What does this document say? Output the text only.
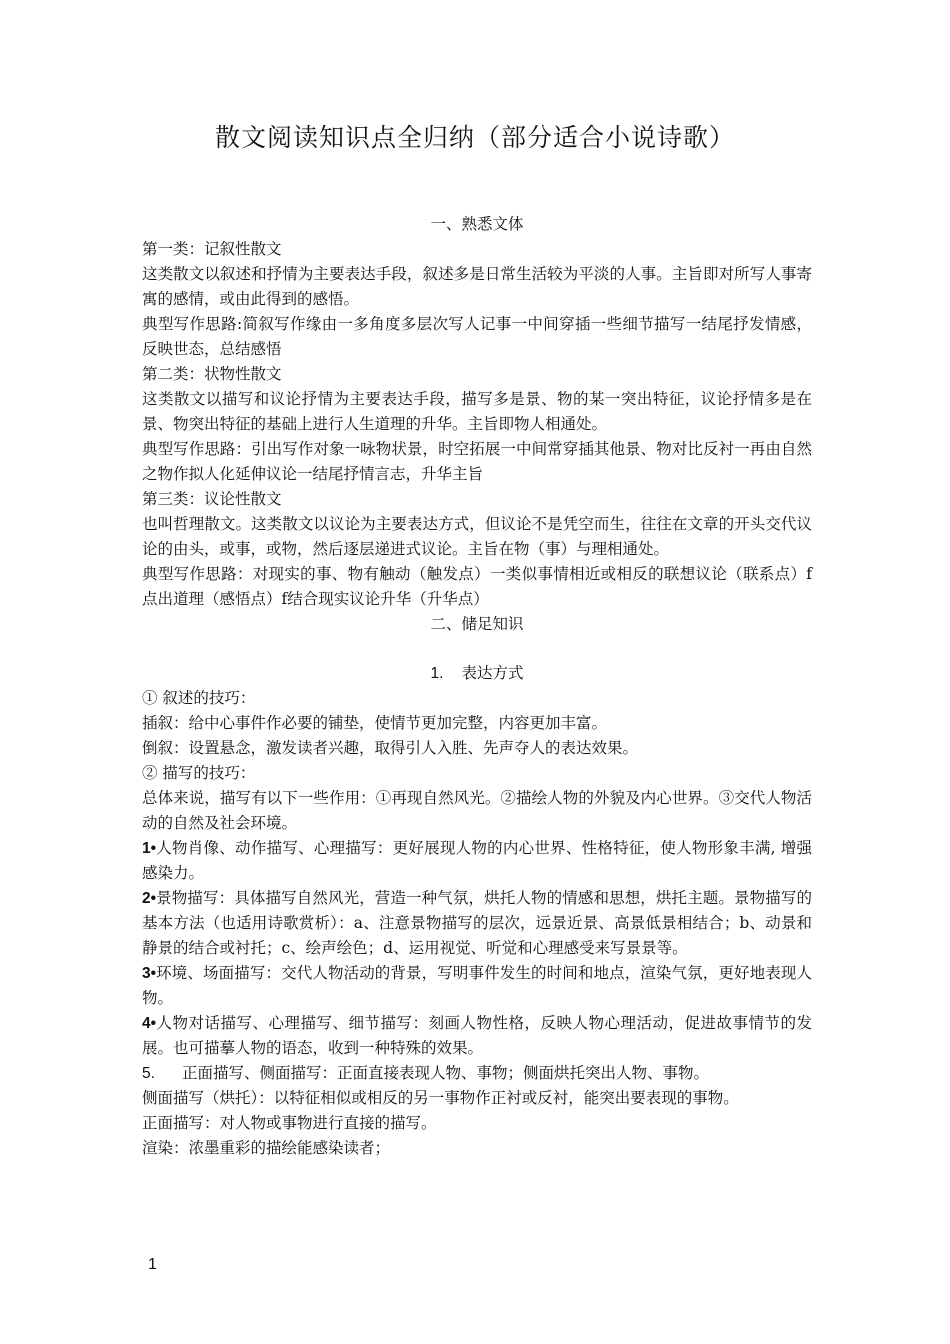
散文阅读知识点全归纳（部分适合小说诗歌）

一、熟悉文体

第一类：记叙性散文

这类散文以叙述和抒情为主要表达手段，叙述多是日常生活较为平淡的人事。主旨即对所写人事寄寓的感情，或由此得到的感悟。

典型写作思路:简叙写作缘由一多角度多层次写人记事一中间穿插一些细节描写一结尾抒发情感，反映世态，总结感悟

第二类：状物性散文

这类散文以描写和议论抒情为主要表达手段，描写多是景、物的某一突出特征，议论抒情多是在景、物突出特征的基础上进行人生道理的升华。主旨即物人相通处。

典型写作思路：引出写作对象一咏物状景，时空拓展一中间常穿插其他景、物对比反衬一再由自然之物作拟人化延伸议论一结尾抒情言志，升华主旨

第三类：议论性散文

也叫哲理散文。这类散文以议论为主要表达方式，但议论不是凭空而生，往往在文章的开头交代议论的由头，或事，或物，然后逐层递进式议论。主旨在物（事）与理相通处。

典型写作思路：对现实的事、物有触动（触发点）一类似事情相近或相反的联想议论（联系点）f点出道理（感悟点）f结合现实议论升华（升华点）

二、储足知识

1. 表达方式

① 叙述的技巧：

插叙：给中心事件作必要的铺垫，使情节更加完整，内容更加丰富。

倒叙：设置悬念，激发读者兴趣，取得引人入胜、先声夺人的表达效果。

② 描写的技巧：

总体来说，描写有以下一些作用：①再现自然风光。②描绘人物的外貌及内心世界。③交代人物活动的自然及社会环境。

1•人物肖像、动作描写、心理描写：更好展现人物的内心世界、性格特征，使人物形象丰满, 增强感染力。

2•景物描写：具体描写自然风光，营造一种气氛，烘托人物的情感和思想，烘托主题。景物描写的基本方法（也适用诗歌赏析）：a、注意景物描写的层次，远景近景、高景低景相结合；b、动景和静景的结合或衬托；c、绘声绘色；d、运用视觉、听觉和心理感受来写景景等。

3•环境、场面描写：交代人物活动的背景，写明事件发生的时间和地点，渲染气氛，更好地表现人物。

4•人物对话描写、心理描写、细节描写：刻画人物性格，反映人物心理活动，促进故事情节的发展。也可描摹人物的语态，收到一种特殊的效果。

5. 正面描写、侧面描写：正面直接表现人物、事物；侧面烘托突出人物、事物。

侧面描写（烘托）：以特征相似或相反的另一事物作正衬或反衬，能突出要表现的事物。

正面描写：对人物或事物进行直接的描写。

渲染：浓墨重彩的描绘能感染读者；

1
